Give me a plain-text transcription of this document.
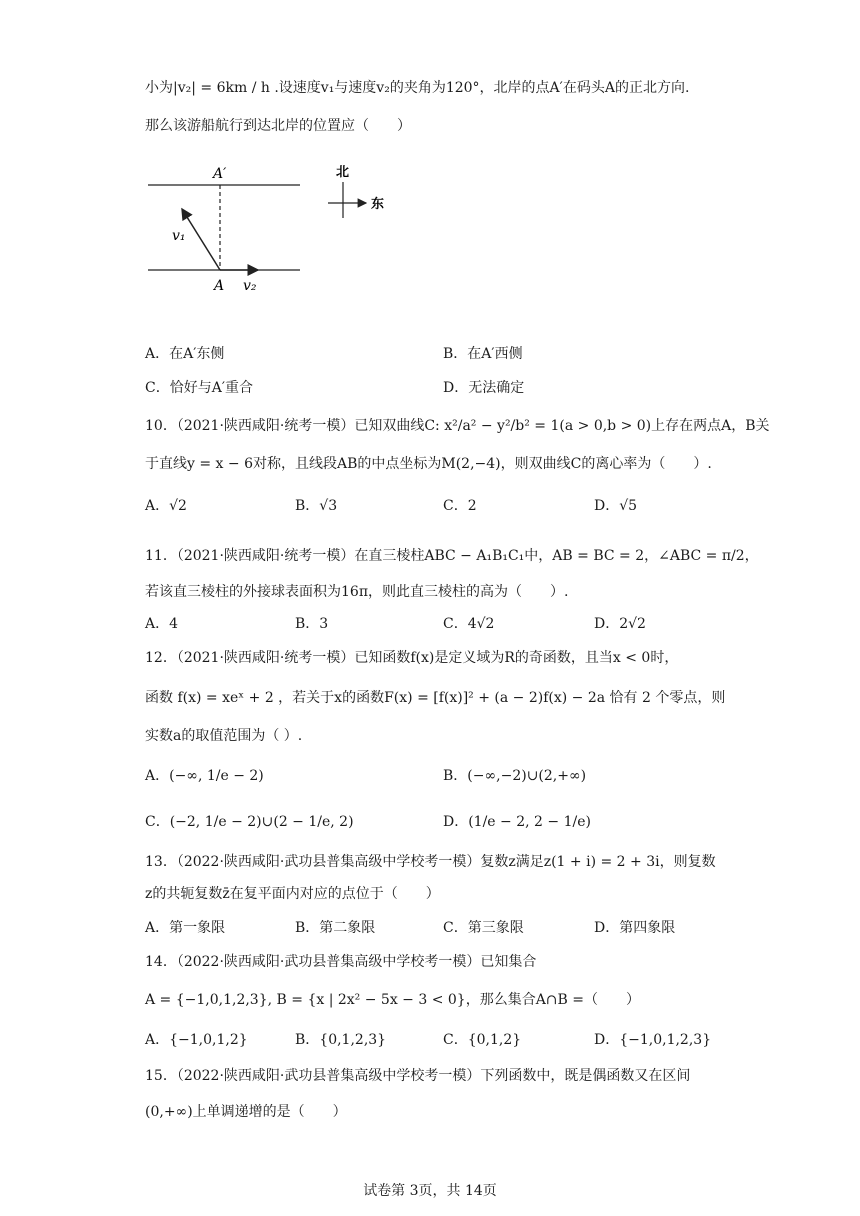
小为|v₂| = 6km / h .设速度v₁与速度v₂的夹角为120°，北岸的点A′在码头A的正北方向.
那么该游船航行到达北岸的位置应（　　）
A′
A
v₁
v₂
北
东
A．在A′东侧	B．在A′西侧
C．恰好与A′重合	D．无法确定
10．（2021·陕西咸阳·统考一模）已知双曲线C: x²/a² − y²/b² = 1(a > 0,b > 0)上存在两点A，B关
于直线y = x − 6对称，且线段AB的中点坐标为M(2,−4)，则双曲线C的离心率为（　　）.
A．√2	B．√3	C．2	D．√5
11．（2021·陕西咸阳·统考一模）在直三棱柱ABC − A₁B₁C₁中，AB = BC = 2，∠ABC = π/2，
若该直三棱柱的外接球表面积为16π，则此直三棱柱的高为（　　）.
A．4	B．3	C．4√2	D．2√2
12．（2021·陕西咸阳·统考一模）已知函数f(x)是定义域为R的奇函数，且当x < 0时，
函数 f(x) = xeˣ + 2 ，若关于x的函数F(x) = [f(x)]² + (a − 2)f(x) − 2a 恰有 2 个零点，则
实数a的取值范围为（ ）.
A．(−∞, 1/e − 2)	B．(−∞,−2)∪(2,+∞)
C．(−2, 1/e − 2)∪(2 − 1/e, 2)	D．(1/e − 2, 2 − 1/e)
13．（2022·陕西咸阳·武功县普集高级中学校考一模）复数z满足z(1 + i) = 2 + 3i，则复数
z的共轭复数z̄在复平面内对应的点位于（　　）
A．第一象限	B．第二象限	C．第三象限	D．第四象限
14．（2022·陕西咸阳·武功县普集高级中学校考一模）已知集合
A = {−1,0,1,2,3}, B = {x | 2x² − 5x − 3 < 0}，那么集合A∩B =（　　）
A．{−1,0,1,2}	B．{0,1,2,3}	C．{0,1,2}	D．{−1,0,1,2,3}
15．（2022·陕西咸阳·武功县普集高级中学校考一模）下列函数中，既是偶函数又在区间
(0,+∞)上单调递增的是（　　）
试卷第 3页，共 14页
